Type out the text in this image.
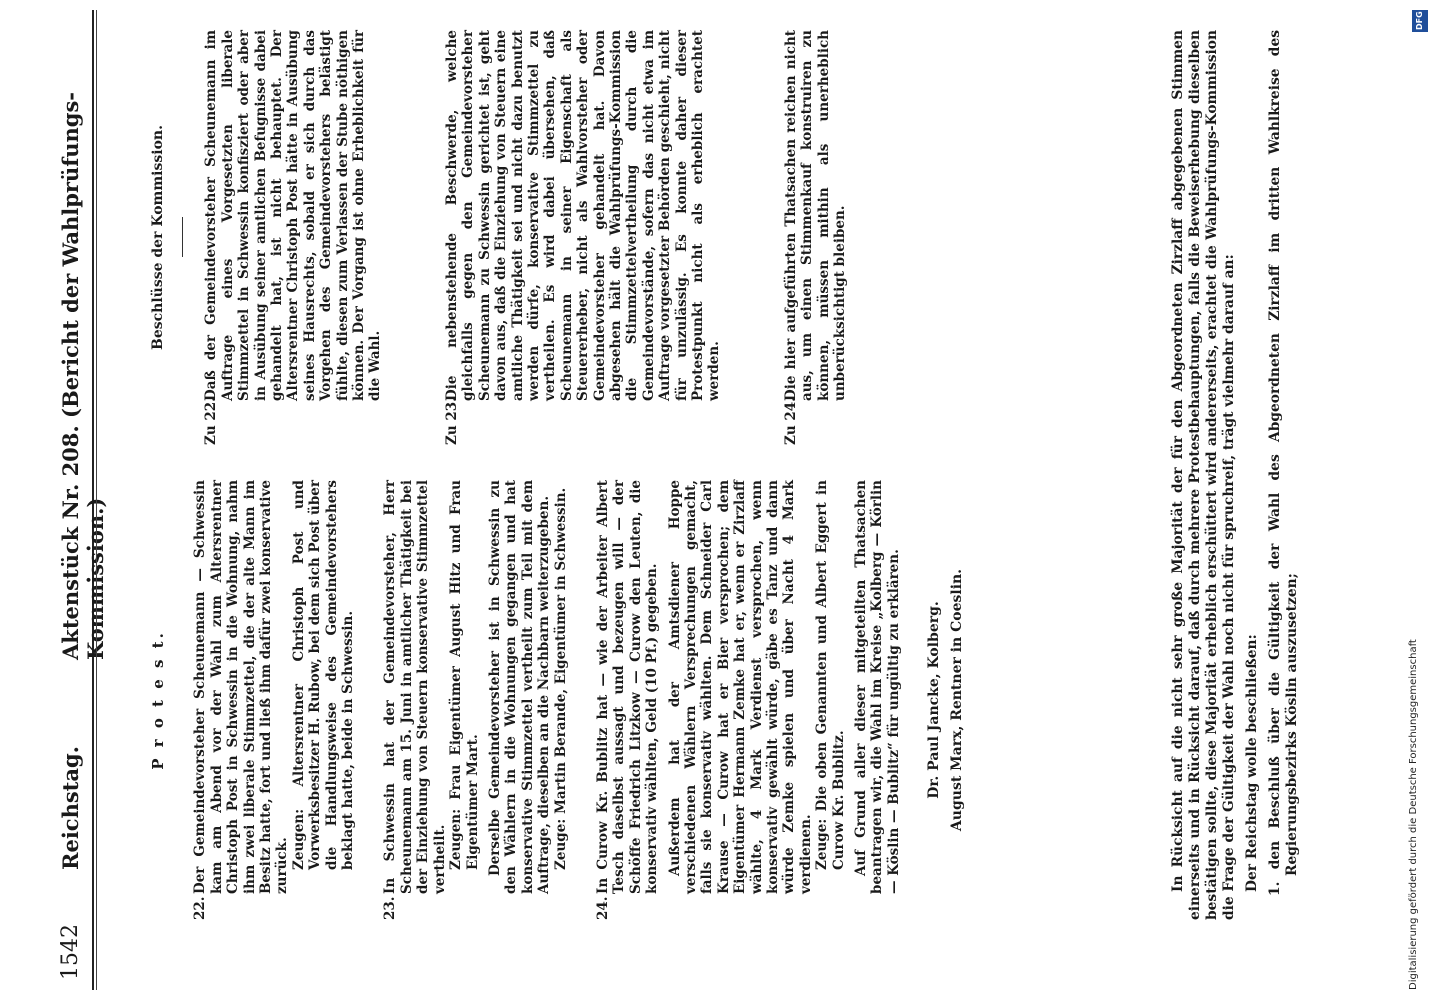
1542
Reichstag.
Aktenstück Nr. 208. (Bericht der Wahlprüfungs-Kommission.)
P r o t e s t.
22.

Der Gemeindevorsteher Scheunemann — Schwessin kam am Abend vor der Wahl zum Altersrentner Christoph Post in Schwessin in die Wohnung, nahm ihm zwei liberale Stimmzettel, die der alte Mann im Besitz hatte, fort und ließ ihm dafür zwei konservative zurück. Zeugen: Altersrentner Christoph Post und Vorwerksbesitzer H. Rubow, bei dem sich Post über die Handlungsweise des Gemeindevorstehers beklagt hatte, beide in Schwessin.

23.

In Schwessin hat der Gemeindevorsteher, Herr Scheunemann am 15. Juni in amtlicher Thätigkeit bei der Einziehung von Steuern konservative Stimmzettel vertheilt. Zeugen: Frau Eigentümer August Hitz und Frau Eigentümer Mart. Derselbe Gemeindevorsteher ist in Schwessin zu den Wählern in die Wohnungen gegangen und hat konservative Stimmzettel vertheilt zum Teil mit dem Auftrage, dieselben an die Nachbarn weiterzugeben. Zeuge: Martin Berande, Eigentümer in Schwessin.

24.

In Curow Kr. Bublitz hat — wie der Arbeiter Albert Tesch daselbst aussagt und bezeugen will — der Schöffe Friedrich Litzkow — Curow den Leuten, die konservativ wählten, Geld (10 Pf.) gegeben. Außerdem hat der Amtsdiener Hoppe verschiedenen Wählern Versprechungen gemacht, falls sie konservativ wählten. Dem Schneider Carl Krause — Curow hat er Bier versprochen; dem Eigentümer Hermann Zemke hat er, wenn er Zirzlaff wählte, 4 Mark Verdienst versprochen, wenn konservativ gewählt würde, gäbe es Tanz und dann würde Zemke spielen und über Nacht 4 Mark verdienen. Zeuge: Die oben Genannten und Albert Eggert in Curow Kr. Bublitz. Auf Grund aller dieser mitgeteilten Thatsachen beantragen wir, die Wahl im Kreise „Kolberg — Körlin — Köslin — Bublitz“ für ungültig zu erklären. Dr. Paul Jancke, Kolberg. August Marx, Rentner in Coeslin.
Beschlüsse der Kommission.
Zu 22.

Daß der Gemeindevorsteher Scheunemann im Auftrage eines Vorgesetzten liberale Stimmzettel in Schwessin konfisziert oder aber in Ausübung seiner amtlichen Befugnisse dabei gehandelt hat, ist nicht behauptet. Der Altersrentner Christoph Post hätte in Ausübung seines Hausrechts, sobald er sich durch das Vorgehen des Gemeindevorstehers belästigt fühlte, diesen zum Verlassen der Stube nöthigen können. Der Vorgang ist ohne Erheblichkeit für die Wahl.

Zu 23.

Die nebenstehende Beschwerde, welche gleichfalls gegen den Gemeindevorsteher Scheunemann zu Schwessin gerichtet ist, geht davon aus, daß die Einziehung von Steuern eine amtliche Thätigkeit sei und nicht dazu benutzt werden dürfe, konservative Stimmzettel zu vertheilen. Es wird dabei übersehen, daß Scheunemann in seiner Eigenschaft als Steuererheber, nicht als Wahlvorsteher oder Gemeindevorsteher gehandelt hat. Davon abgesehen hält die Wahlprüfungs-Kommission die Stimmzettelvertheilung durch die Gemeindevorstände, sofern das nicht etwa im Auftrage vorgesetzter Behörden geschieht, nicht für unzulässig. Es konnte daher dieser Protestpunkt nicht als erheblich erachtet werden.

Zu 24.

Die hier aufgeführten Thatsachen reichen nicht aus, um einen Stimmenkauf konstruiren zu können, müssen mithin als unerheblich unberücksichtigt bleiben.	In Rücksicht auf die nicht sehr große Majorität der für den Abgeordneten Zirzlaff abgegebenen Stimmen einerseits und in Rücksicht darauf, daß durch mehrere Protestbehauptungen, falls die Beweiserhebung dieselben bestätigen sollte, diese Majorität erheblich erschüttert wird andererseits, erachtet die Wahlprüfungs-Kommission die Frage der Gültigkeit der Wahl noch nicht für spruchreif, trägt vielmehr darauf an: Der Reichstag wolle beschließen: 1. den Beschluß über die Gültigkeit der Wahl des Abgeordneten Zirzlaff im dritten Wahlkreise des Regierungsbezirks Köslin auszusetzen;

DFG
Digitalisierung gefördert durch die Deutsche Forschungsgemeinschaft
